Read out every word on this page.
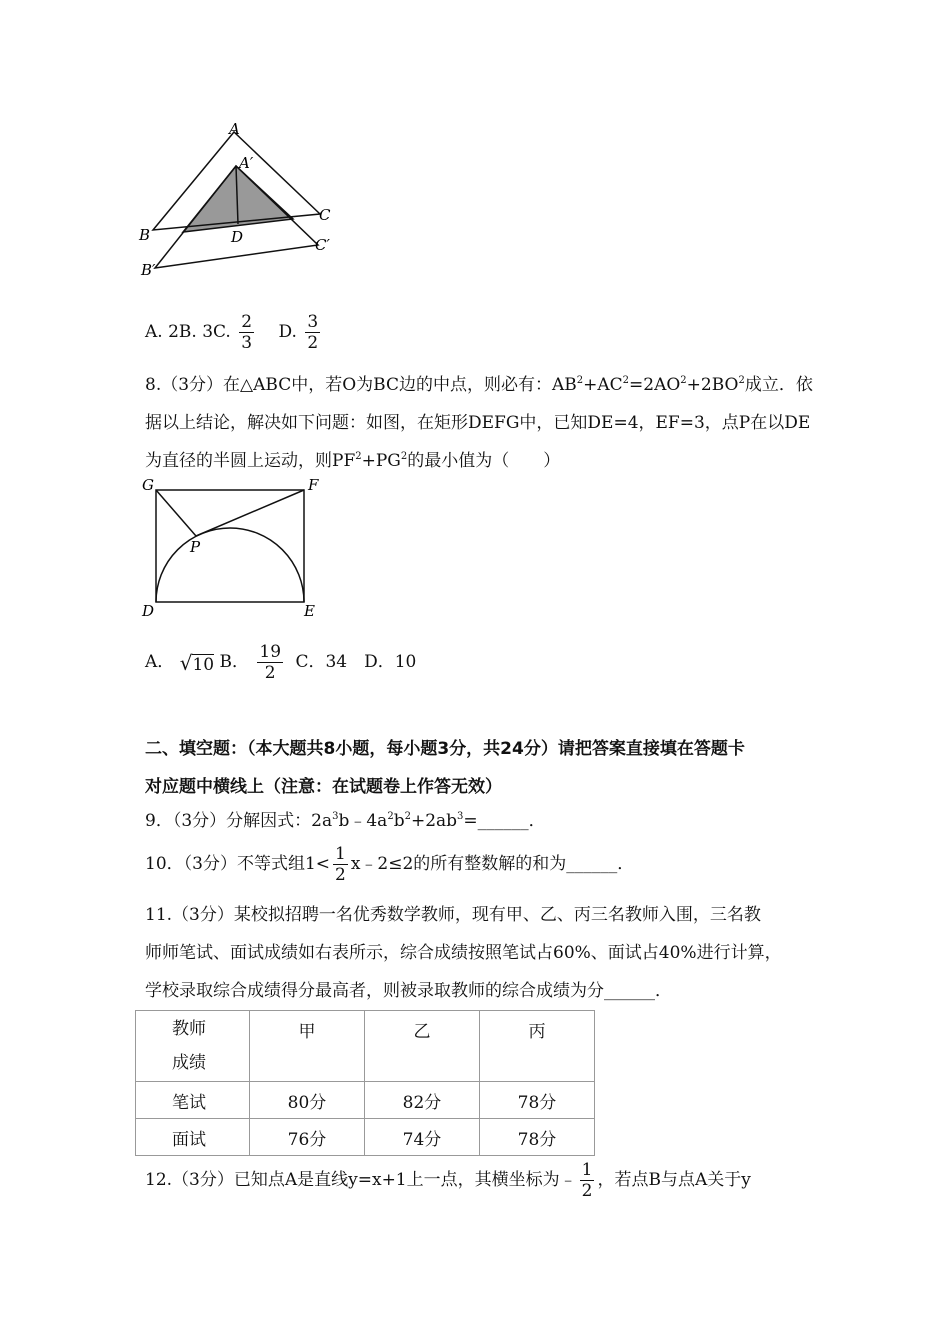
A
A′
B
C
D
B′
C′
A. 2B. 3C. $\frac{2}{3} D$. $\frac{3}{2}$
8.（3分）在△ABC中，若O为BC边的中点，则必有：$AB^2+AC^2=2AO^2+2BO^2$成立．依
据以上结论，解决如下问题：如图，在矩形DEFG中，已知DE=4，EF=3，点P在以DE
为直径的半圆上运动，则$PF^2+PG^2$的最小值为（　　）
G	F
P
D	E
A． √10 B． $\frac{19}{2}$ C．34　D．10
二、填空题：（本大题共8小题，每小题3分，共24分）请把答案直接填在答题卡
对应题中横线上（注意：在试题卷上作答无效）
9．（3分）分解因式：$2a^3b﹣4a^2b^2+2ab^3=\_\_\_\_\_\_$．
10．（3分）不等式组$1< \frac{1}{2}$ x﹣2≤2的所有整数解的和为______．
11.（3分）某校拟招聘一名优秀数学教师，现有甲、乙、丙三名教师入围，三名教
师师笔试、面试成绩如右表所示，综合成绩按照笔试占60%、面试占40%进行计算，
学校录取综合成绩得分最高者，则被录取教师的综合成绩为分______．
教师
成绩	甲	乙	丙
笔试	80分	82分	78分
面试	76分	74分	78分
12.（3分）已知点A是直线y=x+1上一点，其横坐标为﹣ $\frac{1}{2}$ ，若点B与点A关于y
